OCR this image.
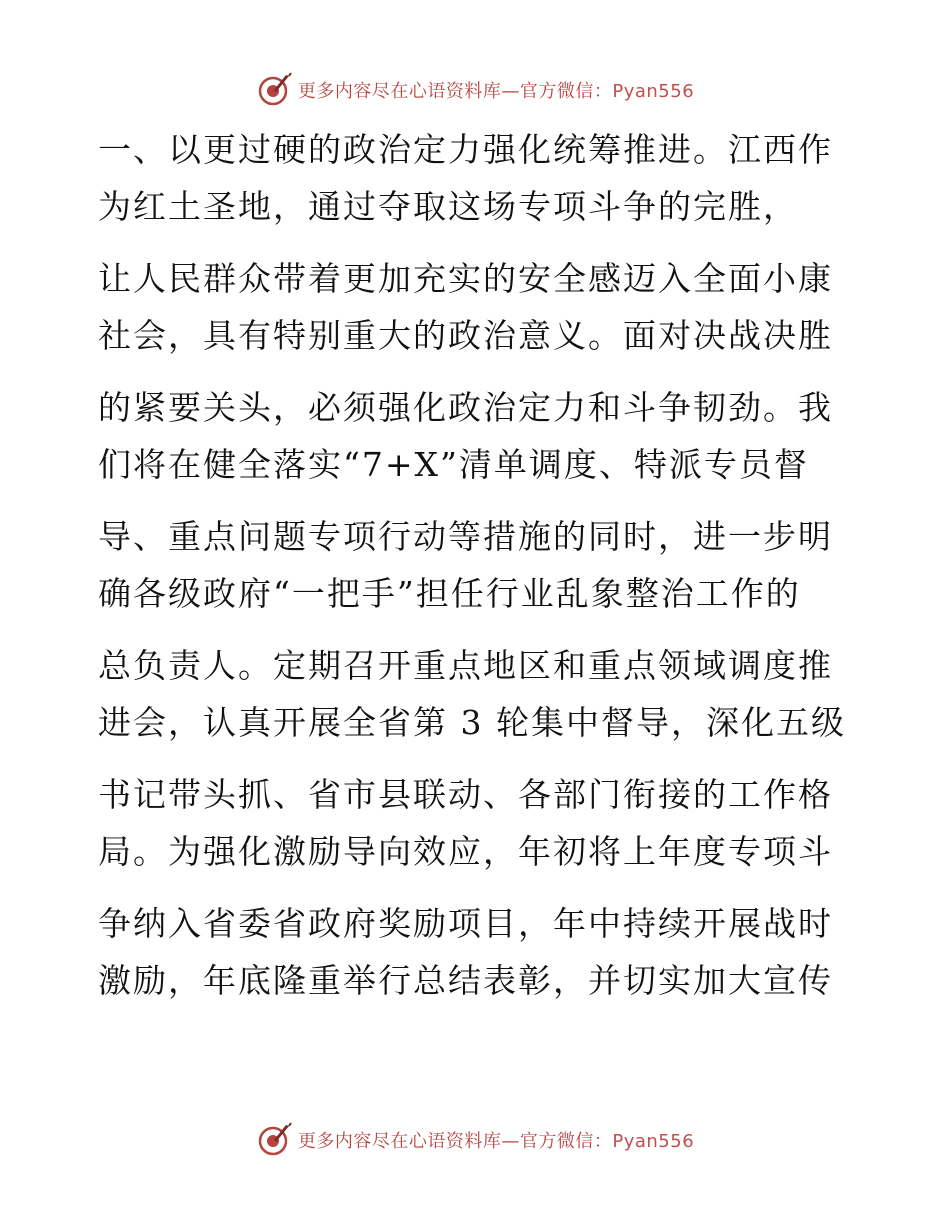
更多内容尽在心语资料库—官方微信：Pyan556
一、以更过硬的政治定力强化统筹推进。江西作
为红土圣地，通过夺取这场专项斗争的完胜，
让人民群众带着更加充实的安全感迈入全面小康
社会，具有特别重大的政治意义。面对决战决胜
的紧要关头，必须强化政治定力和斗争韧劲。我
们将在健全落实“7+X”清单调度、特派专员督
导、重点问题专项行动等措施的同时，进一步明
确各级政府“一把手”担任行业乱象整治工作的
总负责人。定期召开重点地区和重点领域调度推
进会，认真开展全省第 3 轮集中督导，深化五级
书记带头抓、省市县联动、各部门衔接的工作格
局。为强化激励导向效应，年初将上年度专项斗
争纳入省委省政府奖励项目，年中持续开展战时
激励，年底隆重举行总结表彰，并切实加大宣传
更多内容尽在心语资料库—官方微信：Pyan556
